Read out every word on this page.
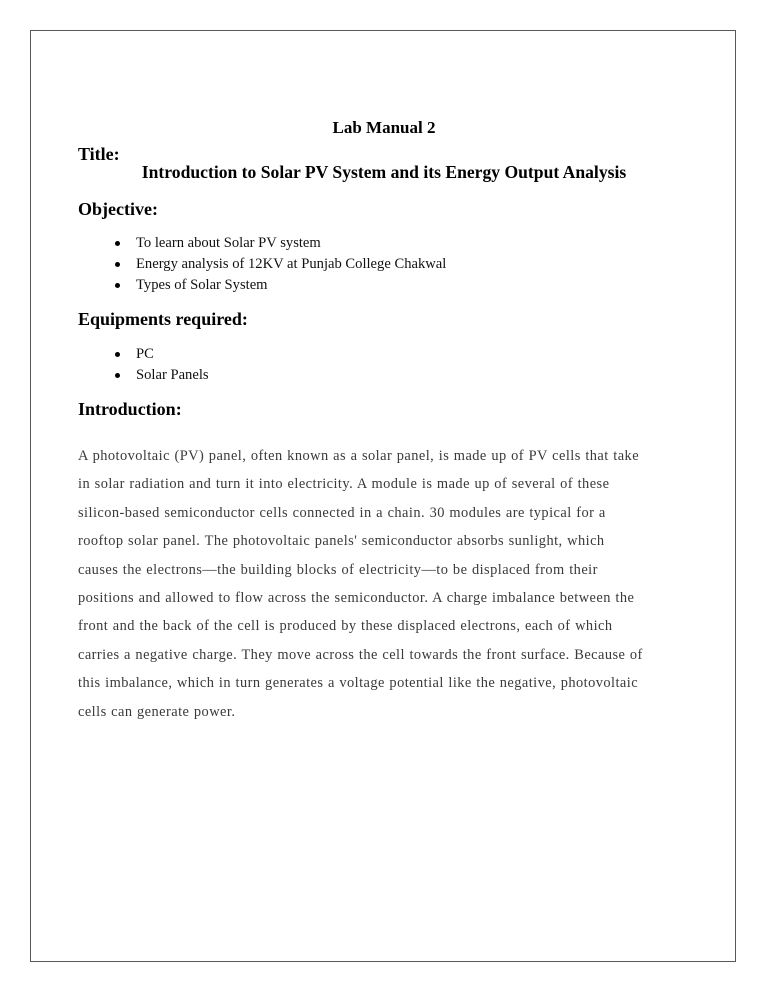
Lab Manual 2
Title:
Introduction to Solar PV System and its Energy Output Analysis
Objective:
To learn about Solar PV system
Energy analysis of 12KV at Punjab College Chakwal
Types of Solar System
Equipments required:
PC
Solar Panels
Introduction:

A photovoltaic (PV) panel, often known as a solar panel, is made up of PV cells that take
in solar radiation and turn it into electricity. A module is made up of several of these
silicon-based semiconductor cells connected in a chain. 30 modules are typical for a
rooftop solar panel. The photovoltaic panels' semiconductor absorbs sunlight, which
causes the electrons—the building blocks of electricity—to be displaced from their
positions and allowed to flow across the semiconductor. A charge imbalance between the
front and the back of the cell is produced by these displaced electrons, each of which
carries a negative charge. They move across the cell towards the front surface. Because of
this imbalance, which in turn generates a voltage potential like the negative, photovoltaic
cells can generate power.
